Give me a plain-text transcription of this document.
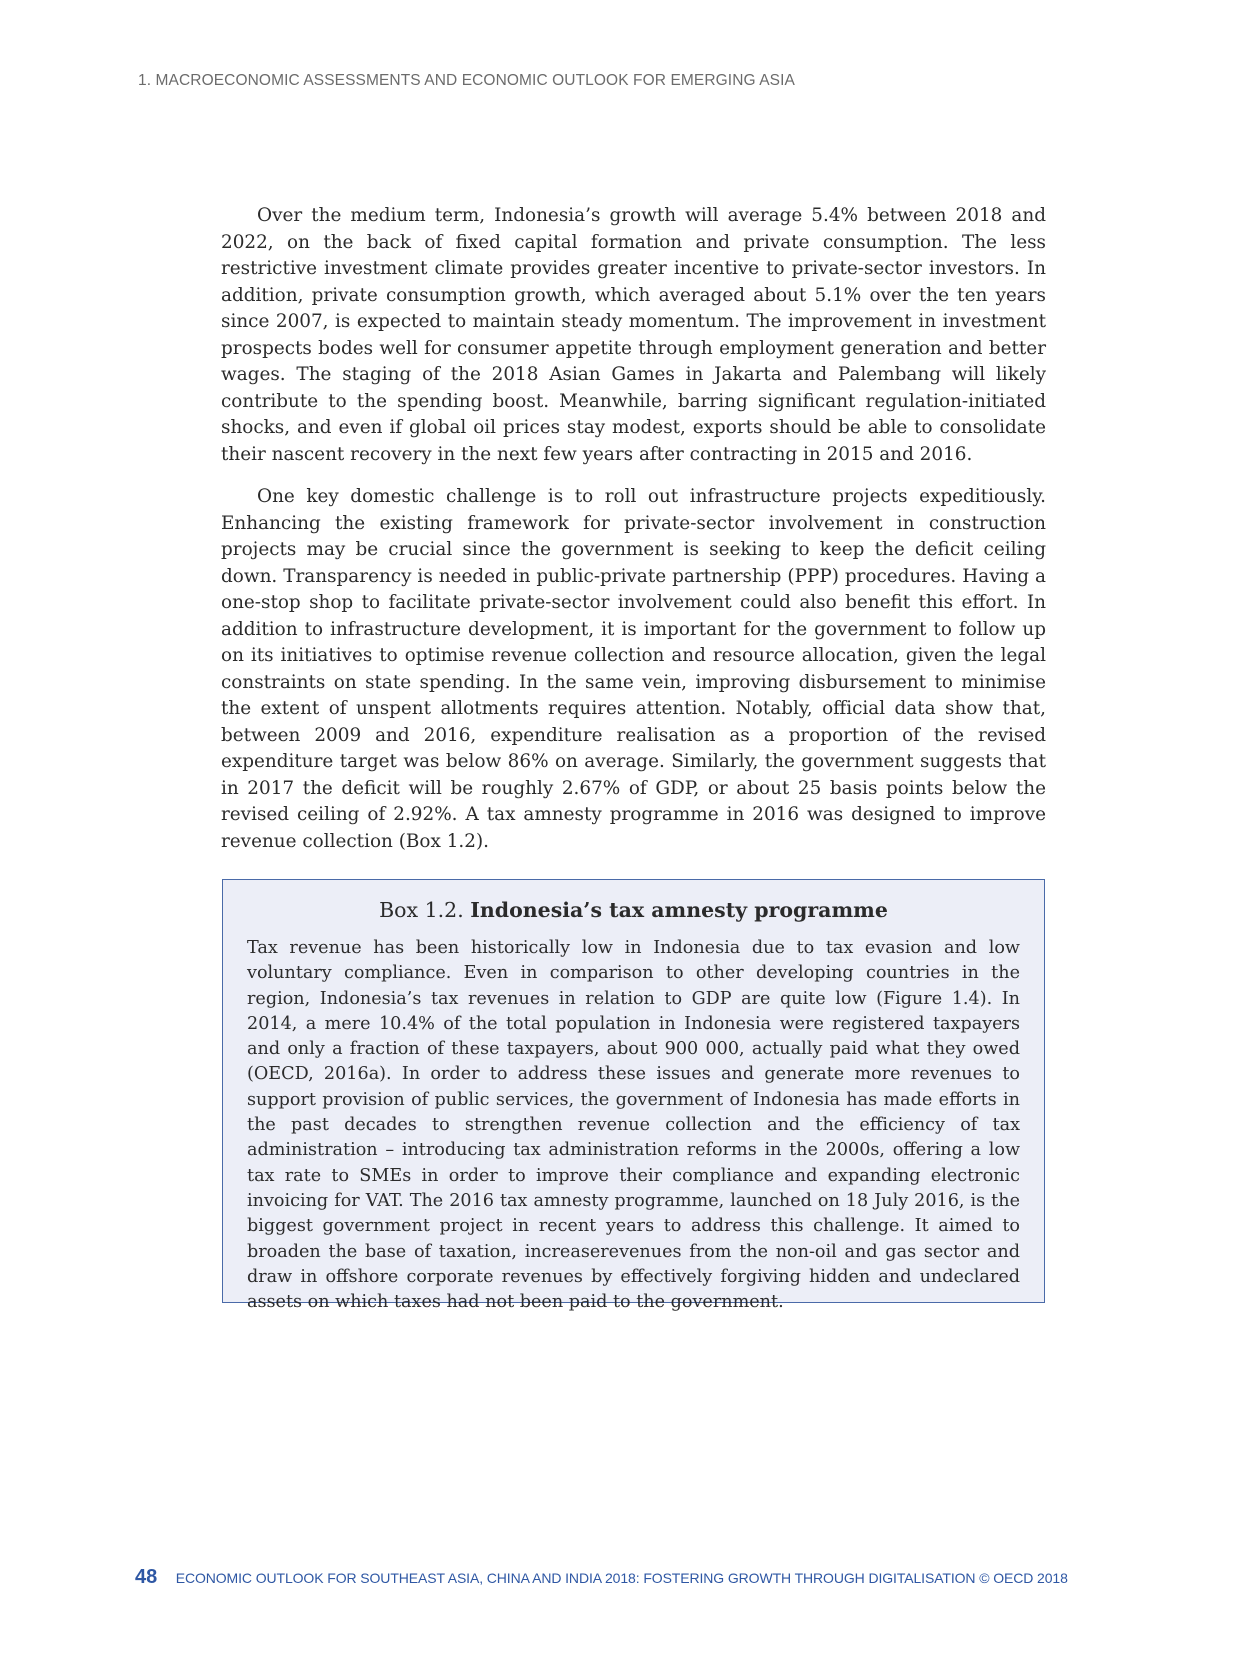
1. MACROECONOMIC ASSESSMENTS AND ECONOMIC OUTLOOK FOR EMERGING ASIA

Over the medium term, Indonesia’s growth will average 5.4% between 2018 and 2022, on the back of fixed capital formation and private consumption. The less restrictive investment climate provides greater incentive to private-sector investors. In addition, private consumption growth, which averaged about 5.1% over the ten years since 2007, is expected to maintain steady momentum. The improvement in investment prospects bodes well for consumer appetite through employment generation and better wages. The staging of the 2018 Asian Games in Jakarta and Palembang will likely contribute to the spending boost. Meanwhile, barring significant regulation-initiated shocks, and even if global oil prices stay modest, exports should be able to consolidate their nascent recovery in the next few years after contracting in 2015 and 2016.

One key domestic challenge is to roll out infrastructure projects expeditiously. Enhancing the existing framework for private-sector involvement in construction projects may be crucial since the government is seeking to keep the deficit ceiling down. Transparency is needed in public-private partnership (PPP) procedures. Having a one-stop shop to facilitate private-sector involvement could also benefit this effort. In addition to infrastructure development, it is important for the government to follow up on its initiatives to optimise revenue collection and resource allocation, given the legal constraints on state spending. In the same vein, improving disbursement to minimise the extent of unspent allotments requires attention. Notably, official data show that, between 2009 and 2016, expenditure realisation as a proportion of the revised expenditure target was below 86% on average. Similarly, the government suggests that in 2017 the deficit will be roughly 2.67% of GDP, or about 25 basis points below the revised ceiling of 2.92%. A tax amnesty programme in 2016 was designed to improve revenue collection (Box 1.2).

Box 1.2. Indonesia’s tax amnesty programme

Tax revenue has been historically low in Indonesia due to tax evasion and low voluntary compliance. Even in comparison to other developing countries in the region, Indonesia’s tax revenues in relation to GDP are quite low (Figure 1.4). In 2014, a mere 10.4% of the total population in Indonesia were registered taxpayers and only a fraction of these taxpayers, about 900 000, actually paid what they owed (OECD, 2016a). In order to address these issues and generate more revenues to support provision of public services, the government of Indonesia has made efforts in the past decades to strengthen revenue collection and the efficiency of tax administration – introducing tax administration reforms in the 2000s, offering a low tax rate to SMEs in order to improve their compliance and expanding electronic invoicing for VAT. The 2016 tax amnesty programme, launched on 18 July 2016, is the biggest government project in recent years to address this challenge. It aimed to broaden the base of taxation, increaserevenues from the non-oil and gas sector and draw in offshore corporate revenues by effectively forgiving hidden and undeclared assets on which taxes had not been paid to the government.

48 ECONOMIC OUTLOOK FOR SOUTHEAST ASIA, CHINA AND INDIA 2018: FOSTERING GROWTH THROUGH DIGITALISATION © OECD 2018
